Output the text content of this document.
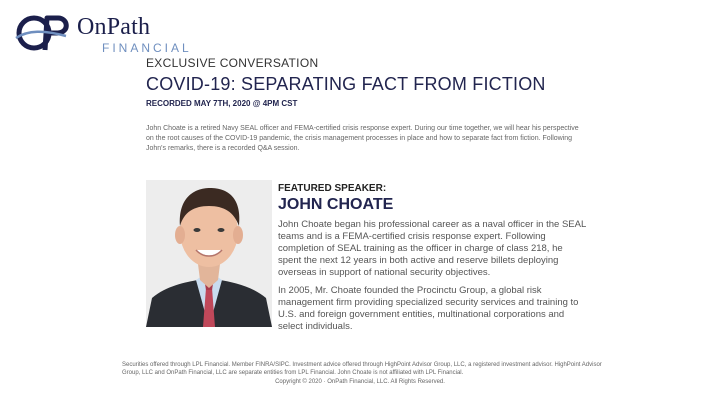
OnPath
FINANCIAL
EXCLUSIVE CONVERSATION
COVID-19: SEPARATING FACT FROM FICTION
RECORDED MAY 7TH, 2020 @ 4PM CST
John Choate is a retired Navy SEAL officer and FEMA-certified crisis response expert. During our time together, we will hear his perspective on the root causes of the COVID-19 pandemic, the crisis management processes in place and how to separate fact from fiction. Following John's remarks, there is a recorded Q&A session.
FEATURED SPEAKER:
JOHN CHOATE

John Choate began his professional career as a naval officer in the SEAL teams and is a FEMA-certified crisis response expert. Following completion of SEAL training as the officer in charge of class 218, he spent the next 12 years in both active and reserve billets deploying overseas in support of national security objectives.

In 2005, Mr. Choate founded the Procinctu Group, a global risk management firm providing specialized security services and training to U.S. and foreign government entities, multinational corporations and select individuals.

Securities offered through LPL Financial. Member FINRA/SIPC. Investment advice offered through HighPoint Advisor Group, LLC, a registered investment advisor. HighPoint Advisor Group, LLC and OnPath Financial, LLC are separate entities from LPL Financial. John Choate is not affiliated with LPL Financial.
Copyright © 2020 · OnPath Financial, LLC. All Rights Reserved.
